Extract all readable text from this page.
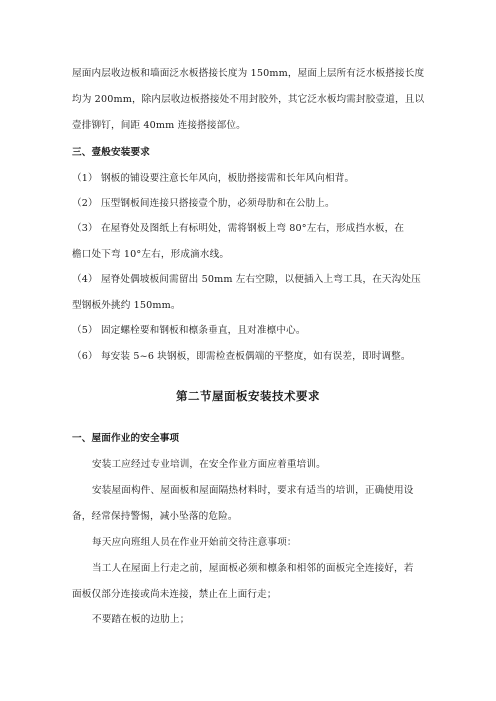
屋面内层收边板和墙面泛水板搭接长度为 150mm，屋面上层所有泛水板搭接长度
均为 200mm，除内层收边板搭接处不用封胶外，其它泛水板均需封胶壹道，且以
壹排铆钉，间距 40mm 连接搭接部位。
三、壹般安装要求
（1） 钢板的铺设要注意长年风向，板肋搭接需和长年风向相背。
（2） 压型钢板间连接只搭接壹个肋，必须母肋和在公肋上。
（3） 在屋脊处及图纸上有标明处，需将钢板上弯 80°左右，形成挡水板，在
檐口处下弯 10°左右，形成滴水线。
（4） 屋脊处偶坡板间需留出 50mm 左右空隙，以便插入上弯工具，在天沟处压
型钢板外挑约 150mm。
（5） 固定螺栓要和钢板和檩条垂直，且对准檩中心。
（6） 每安装 5~6 块钢板，即需检查板偶端的平整度，如有误差，即时调整。
第二节屋面板安装技术要求
一、屋面作业的安全事项
安装工应经过专业培训，在安全作业方面应着重培训。
安装屋面构件、屋面板和屋面隔热材料时，要求有适当的培训，正确使用设
备，经常保持警惕，减小坠落的危险。
每天应向班组人员在作业开始前交待注意事项：
当工人在屋面上行走之前，屋面板必须和檩条和相邻的面板完全连接好，若
面板仅部分连接或尚未连接，禁止在上面行走；
不要踏在板的边肋上；
